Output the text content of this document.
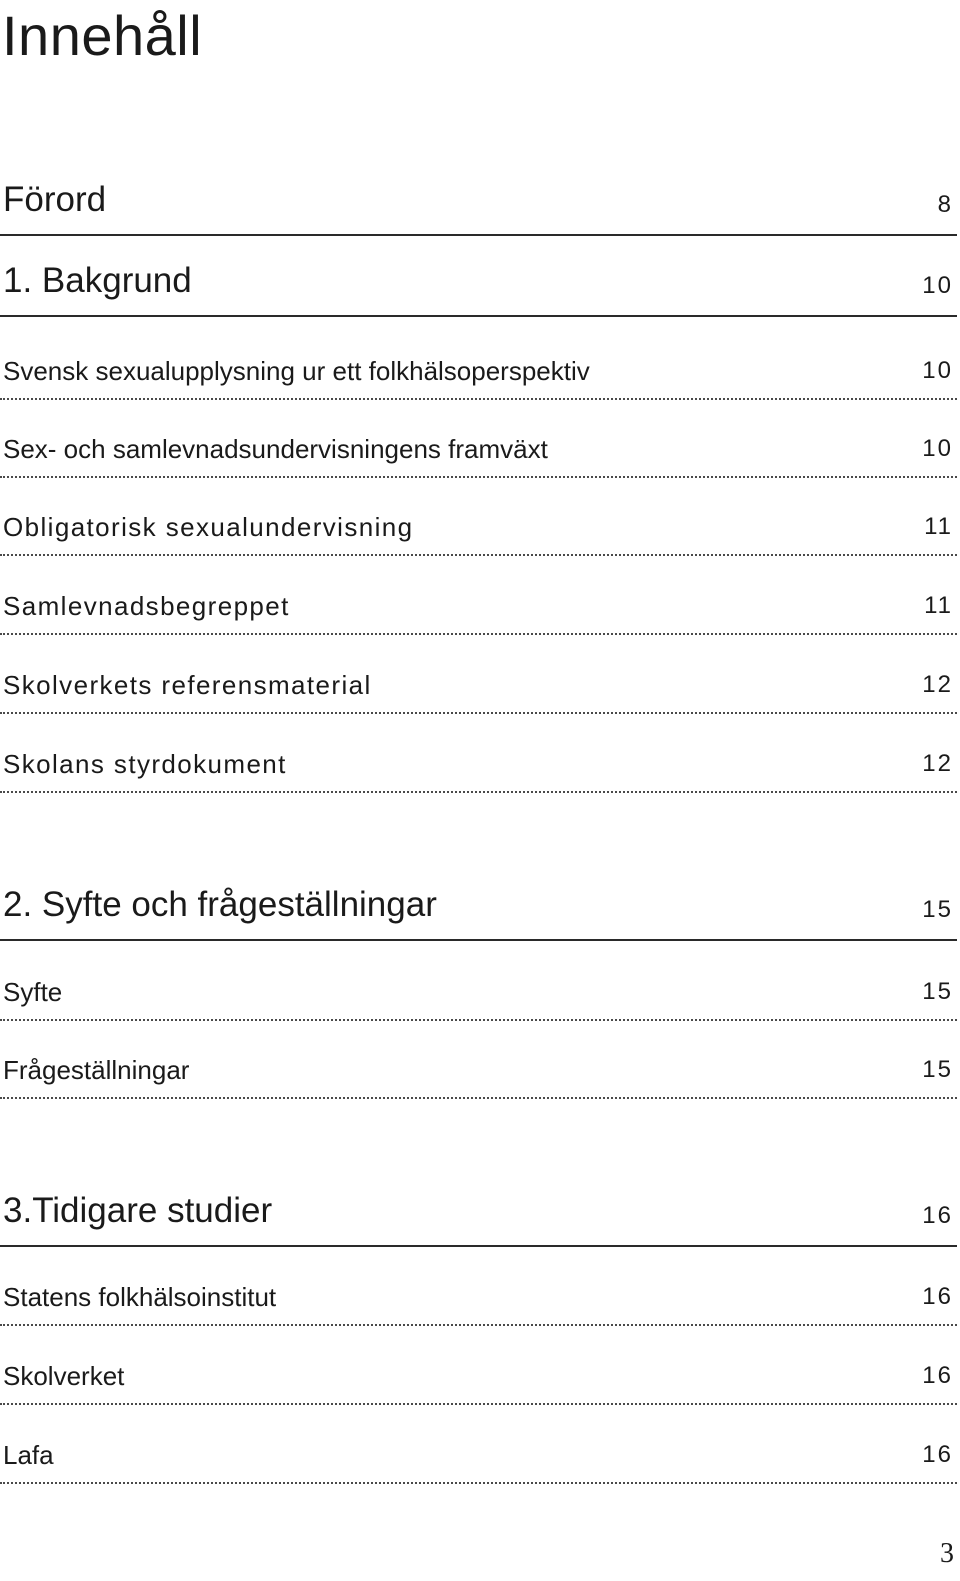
Innehåll
Förord	8
1. Bakgrund	10
Svensk sexualupplysning ur ett folkhälsoperspektiv	10
Sex- och samlevnadsundervisningens framväxt	10
Obligatorisk sexualundervisning	11
Samlevnadsbegreppet	11
Skolverkets referensmaterial	12
Skolans styrdokument	12
2. Syfte och frågeställningar	15
Syfte	15
Frågeställningar	15
3.Tidigare studier	16
Statens folkhälsoinstitut	16
Skolverket	16
Lafa	16
3
